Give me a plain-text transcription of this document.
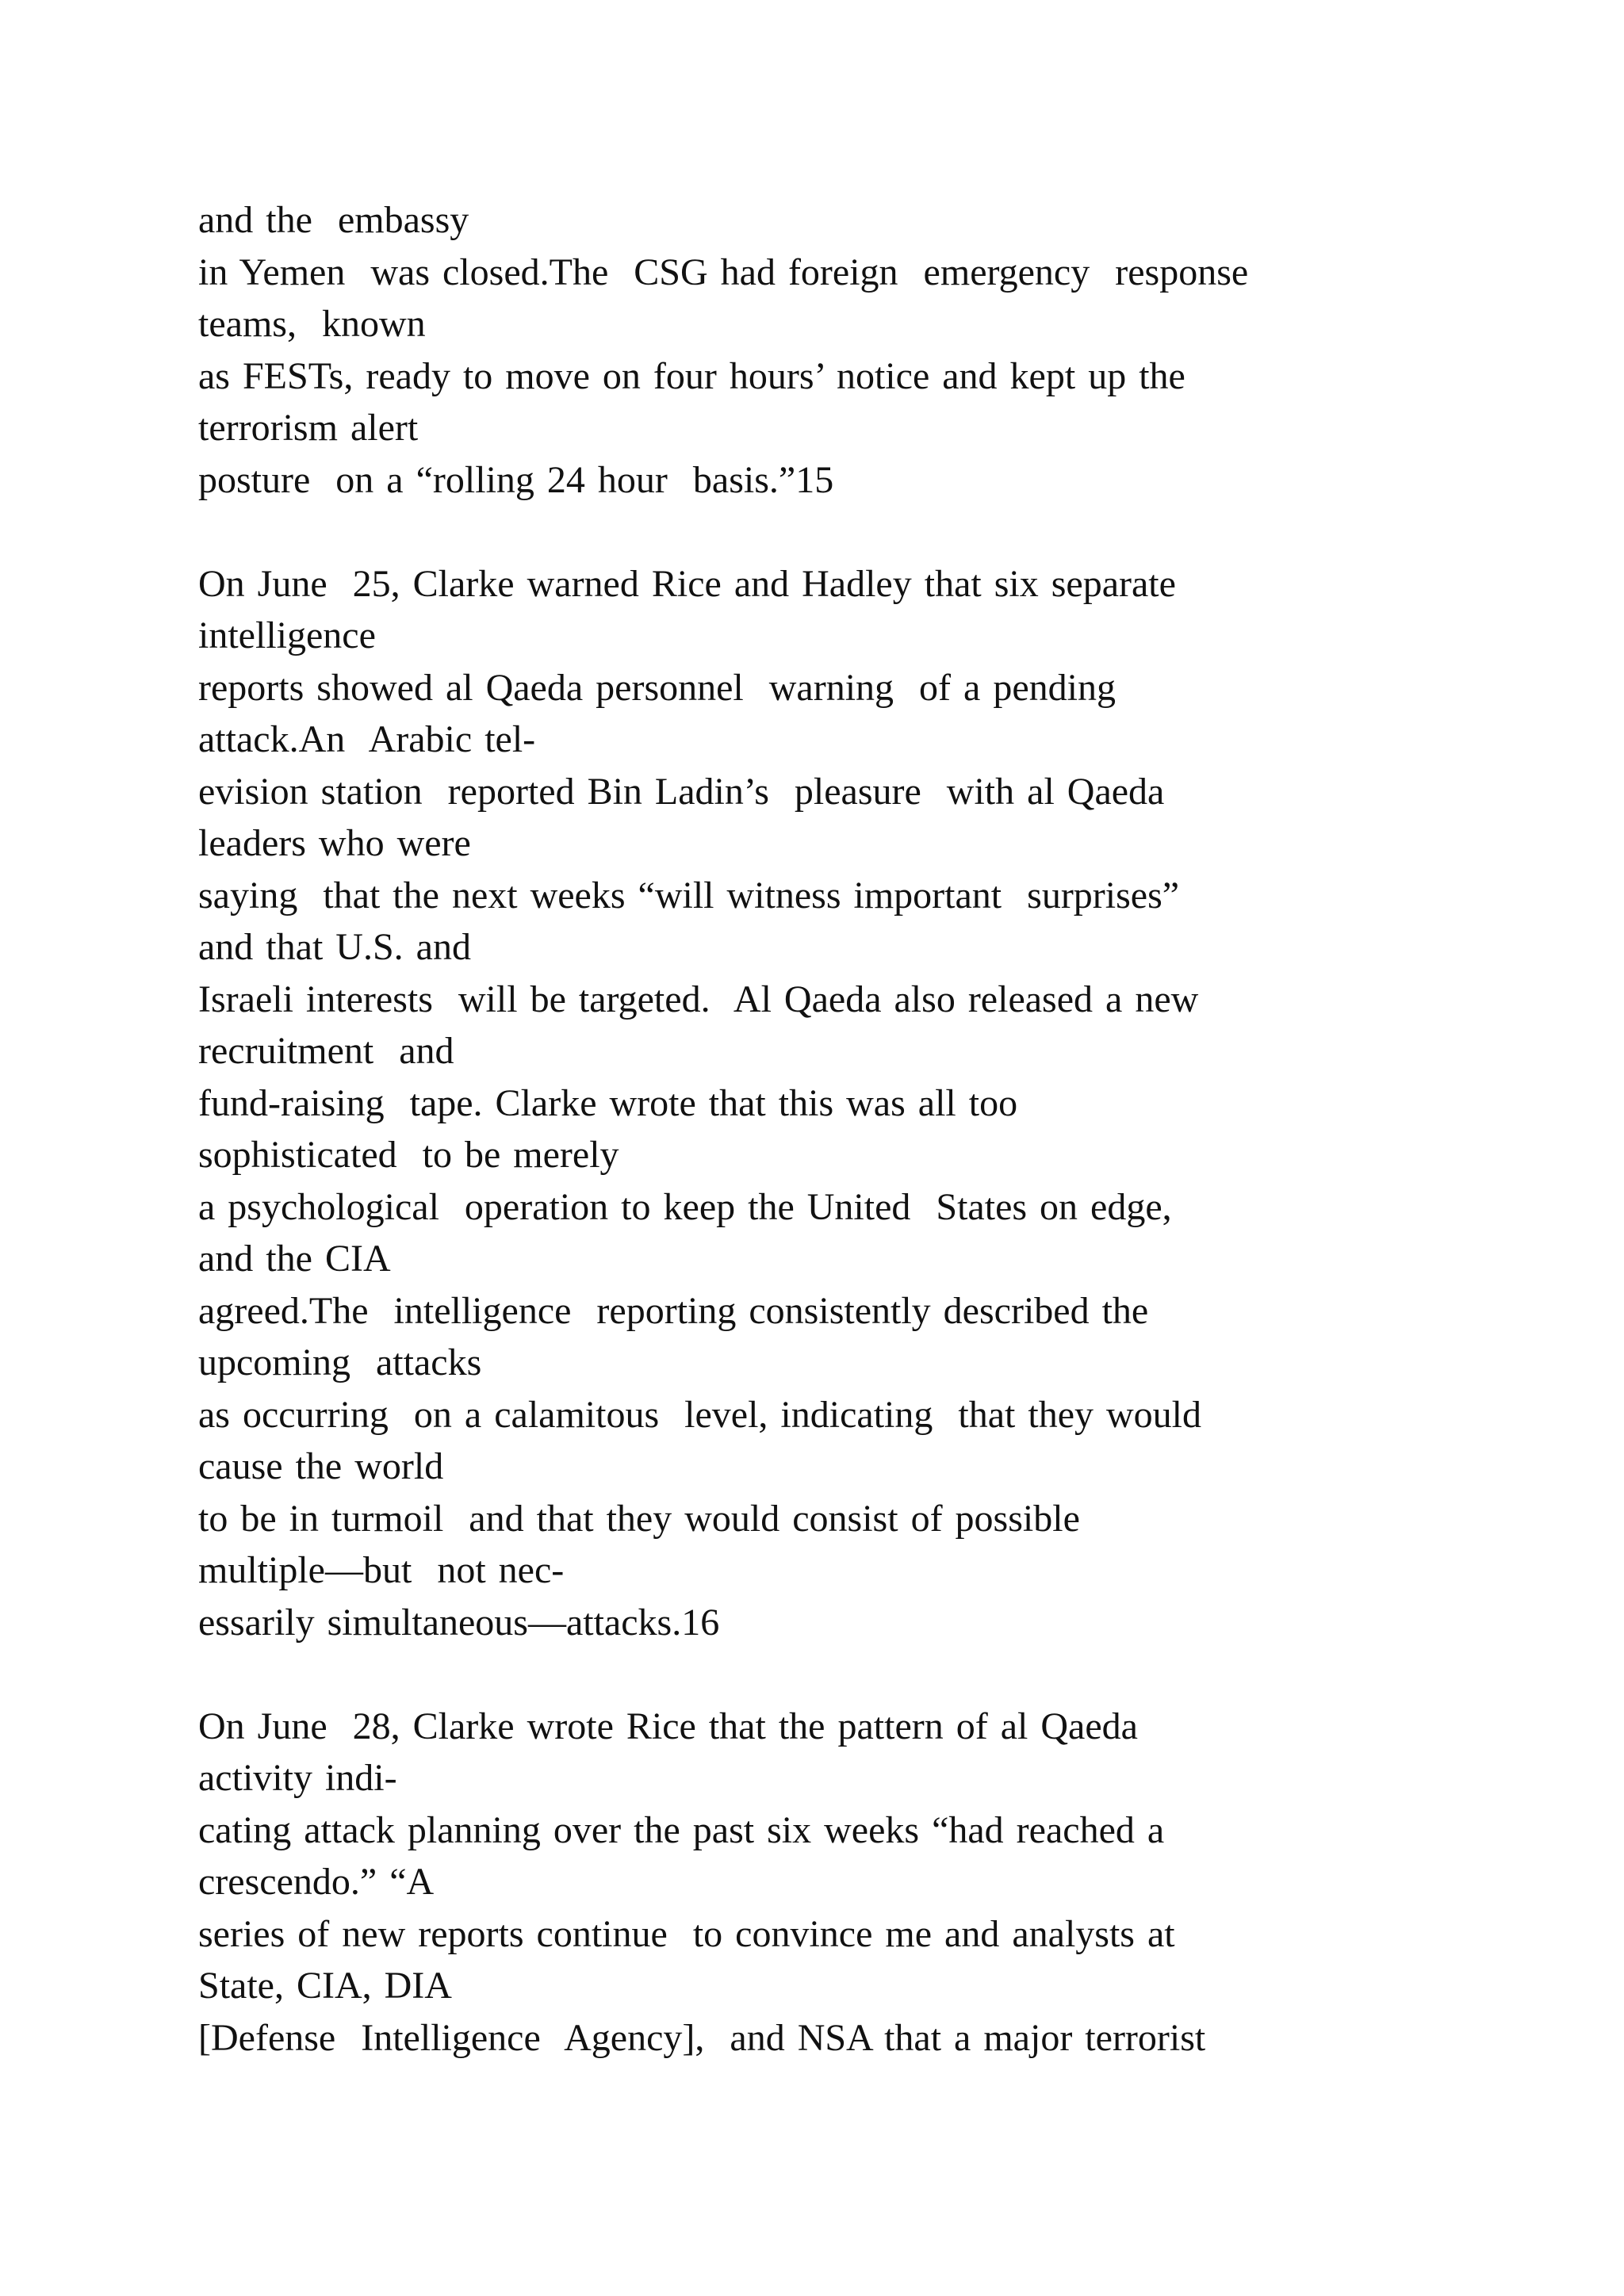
and the  embassy
in Yemen  was closed.The  CSG had foreign  emergency  response
teams,  known
as FESTs, ready to move on four hours’ notice and kept up the
terrorism alert
posture  on a “rolling 24 hour  basis.”15
On June  25, Clarke warned Rice and Hadley that six separate
intelligence
reports showed al Qaeda personnel  warning  of a pending
attack.An  Arabic tel-
evision station  reported Bin Ladin’s  pleasure  with al Qaeda
leaders who were
saying  that the next weeks “will witness important  surprises”
and that U.S. and
Israeli interests  will be targeted.  Al Qaeda also released a new
recruitment  and
fund-raising  tape. Clarke wrote that this was all too
sophisticated  to be merely
a psychological  operation to keep the United  States on edge,
and the CIA
agreed.The  intelligence  reporting consistently described the
upcoming  attacks
as occurring  on a calamitous  level, indicating  that they would
cause the world
to be in turmoil  and that they would consist of possible
multiple—but  not nec-
essarily simultaneous—attacks.16
On June  28, Clarke wrote Rice that the pattern of al Qaeda
activity indi-
cating attack planning over the past six weeks “had reached a
crescendo.” “A
series of new reports continue  to convince me and analysts at
State, CIA, DIA
[Defense  Intelligence  Agency],  and NSA that a major terrorist
